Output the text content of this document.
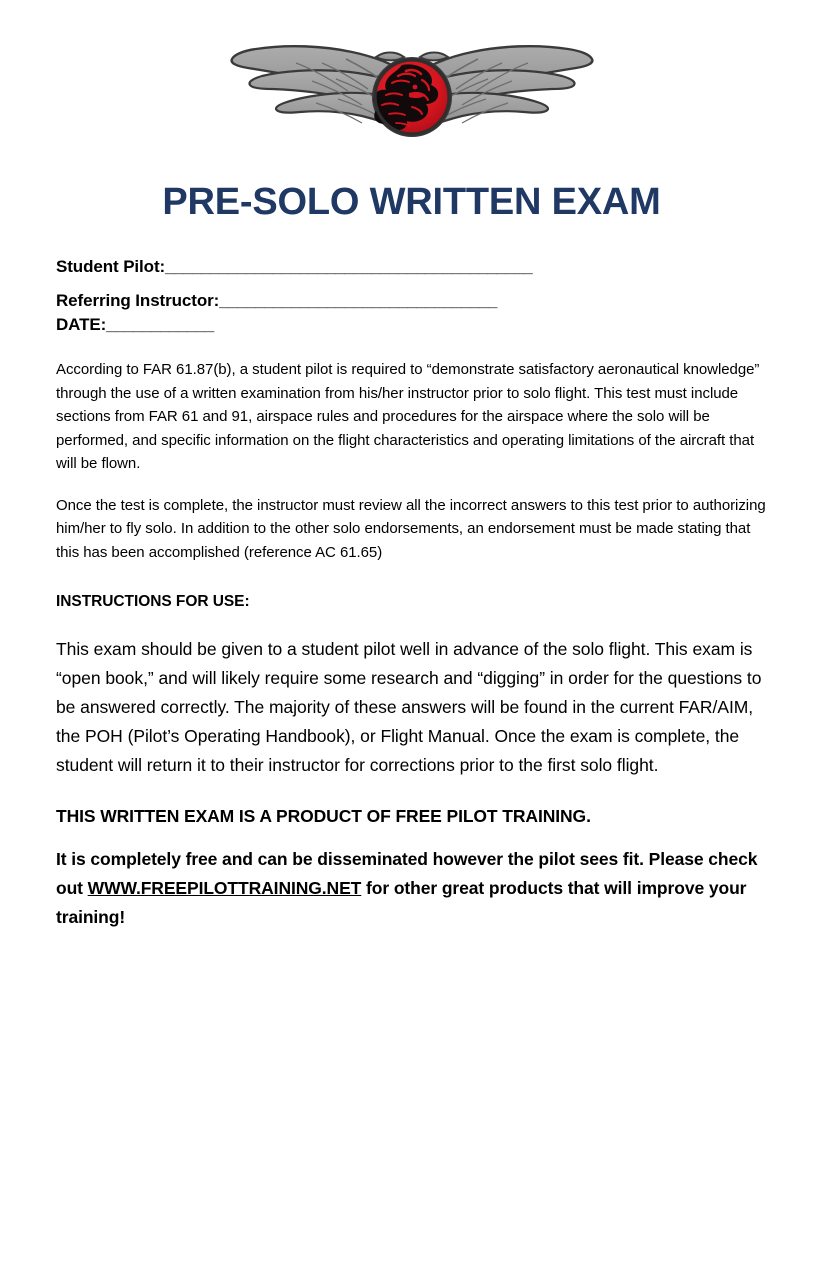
PRE-SOLO WRITTEN EXAM
Student Pilot:_________________________________________
Referring Instructor:_______________________________
DATE:____________
According to FAR 61.87(b), a student pilot is required to “demonstrate satisfactory aeronautical knowledge” through the use of a written examination from his/her instructor prior to solo flight. This test must include sections from FAR 61 and 91, airspace rules and procedures for the airspace where the solo will be performed, and specific information on the flight characteristics and operating limitations of the aircraft that will be flown.
Once the test is complete, the instructor must review all the incorrect answers to this test prior to authorizing him/her to fly solo. In addition to the other solo endorsements, an endorsement must be made stating that this has been accomplished (reference AC 61.65)
INSTRUCTIONS FOR USE:
This exam should be given to a student pilot well in advance of the solo flight. This exam is “open book,” and will likely require some research and “digging” in order for the questions to be answered correctly. The majority of these answers will be found in the current FAR/AIM, the POH (Pilot’s Operating Handbook), or Flight Manual. Once the exam is complete, the student will return it to their instructor for corrections prior to the first solo flight.
THIS WRITTEN EXAM IS A PRODUCT OF FREE PILOT TRAINING.
It is completely free and can be disseminated however the pilot sees fit. Please check out WWW.FREEPILOTTRAINING.NET for other great products that will improve your training!
